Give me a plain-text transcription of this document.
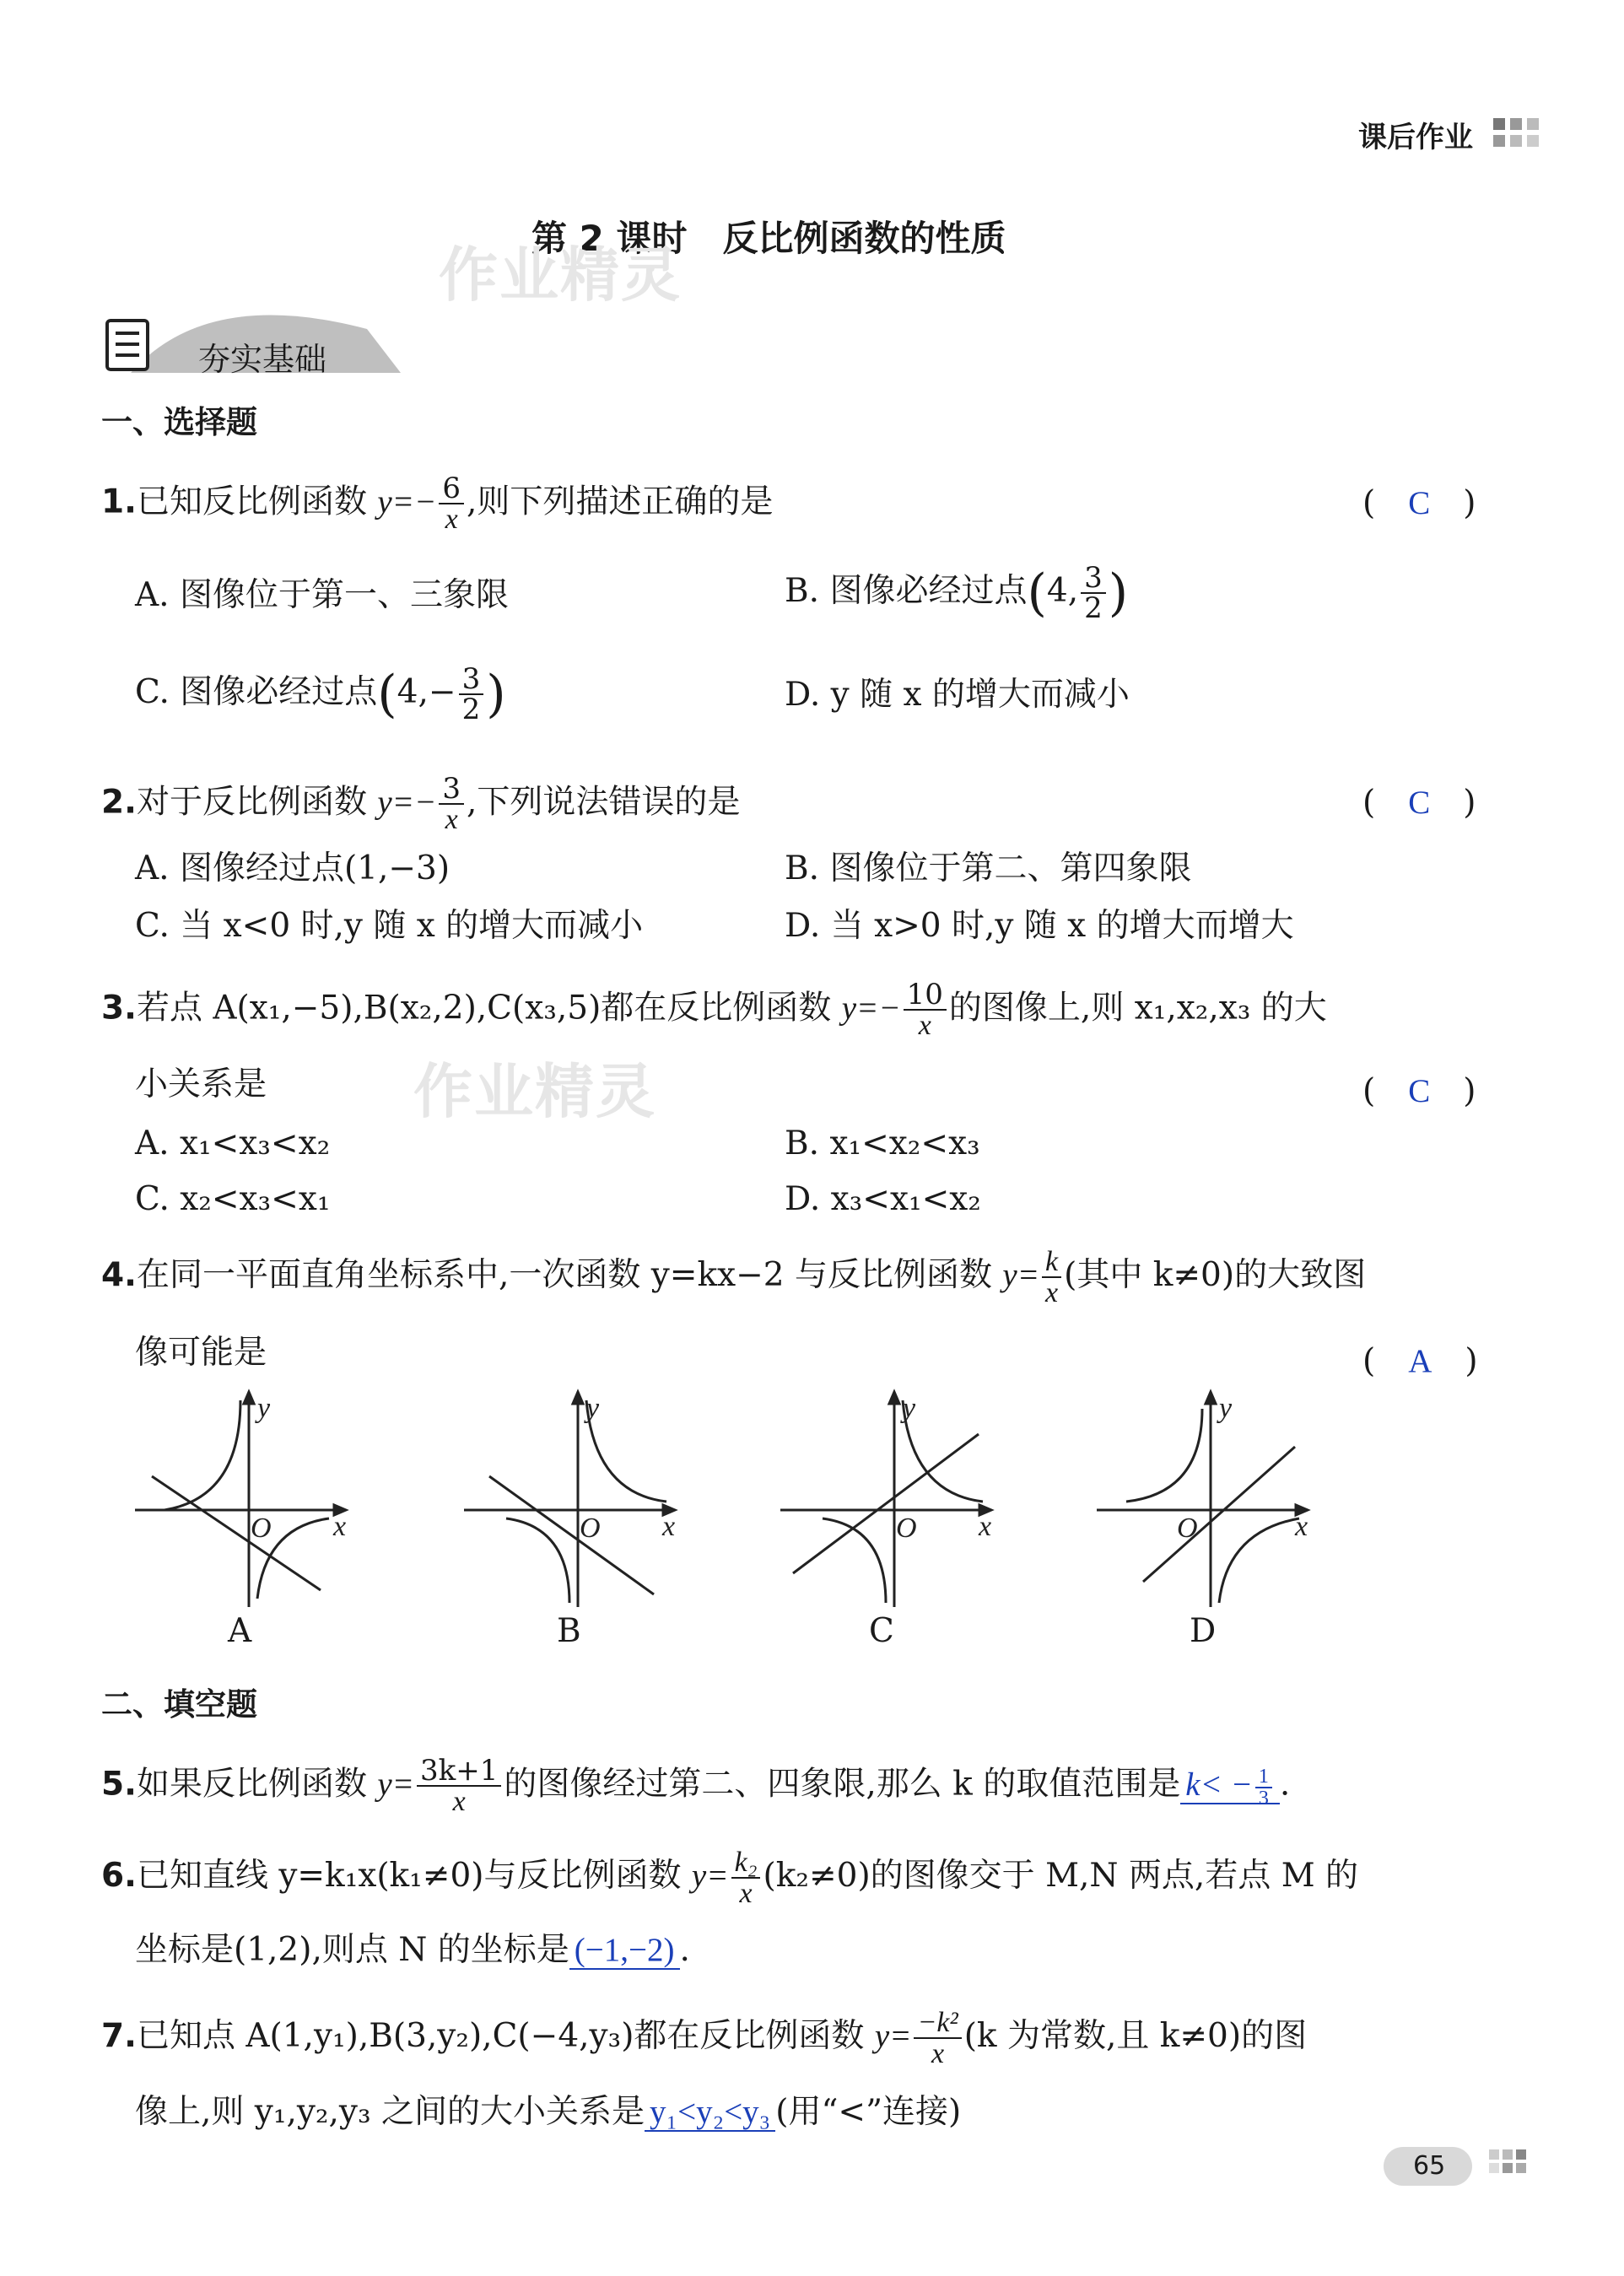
课后作业
第 2 课时　反比例函数的性质
作业精灵
夯实基础
一、选择题
1.已知反比例函数 $y=- \frac{6}{x}$ ,则下列描述正确的是	(　C　)
A. 图像位于第一、三象限	B. 图像必经过点(4, $\frac{3}{2}$ )
C. 图像必经过点($4,- \frac{3}{2}$ )	D. y 随 x 的增大而减小
2.对于反比例函数 $y=- \frac{3}{x}$ ,下列说法错误的是	(　C　)
A. 图像经过点(1,−3)	B. 图像位于第二、第四象限
C. 当 x<0 时,y 随 x 的增大而减小	D. 当 x>0 时,y 随 x 的增大而增大
3.若点 A(x₁,−5),B(x₂,2),C(x₃,5)都在反比例函数 $y=- \frac{10}{x}$ 的图像上,则 x₁,x₂,x₃ 的大
小关系是 作业精灵	(　C　)
A. x₁<x₃<x₂	B. x₁<x₂<x₃
C. x₂<x₃<x₁	D. x₃<x₁<x₂
4.在同一平面直角坐标系中,一次函数 y=kx−2 与反比例函数 $y= \frac{k}{x}$ (其中 k≠0)的大致图
像可能是	(　A　)
y
x
O
A
y
x
O
B
y
x
O
C
y
x
O
D
二、填空题
5.如果反比例函数 $y= \frac{3k+1}{x}$ 的图像经过第二、四象限,那么 k 的取值范围是 $k< - \frac{1}{3}$ .
6.已知直线 y=k₁x(k₁≠0)与反比例函数 $y= \frac{\text{k₂}}{x} (k_2\ne 0)$的图像交于 M,N 两点,若点 M 的
坐标是(1,2),则点 N 的坐标是 (−1,−2) .
7.已知点 A(1,y₁),B(3,y₂),C(−4,y₃)都在反比例函数 $y= \frac{\text{−k²}}{x} (k$ 为常数,且 k≠0)的图
像上,则 y₁,y₂,y₃ 之间的大小关系是 y₁<y₂<y₃ (用“<”连接)
65
